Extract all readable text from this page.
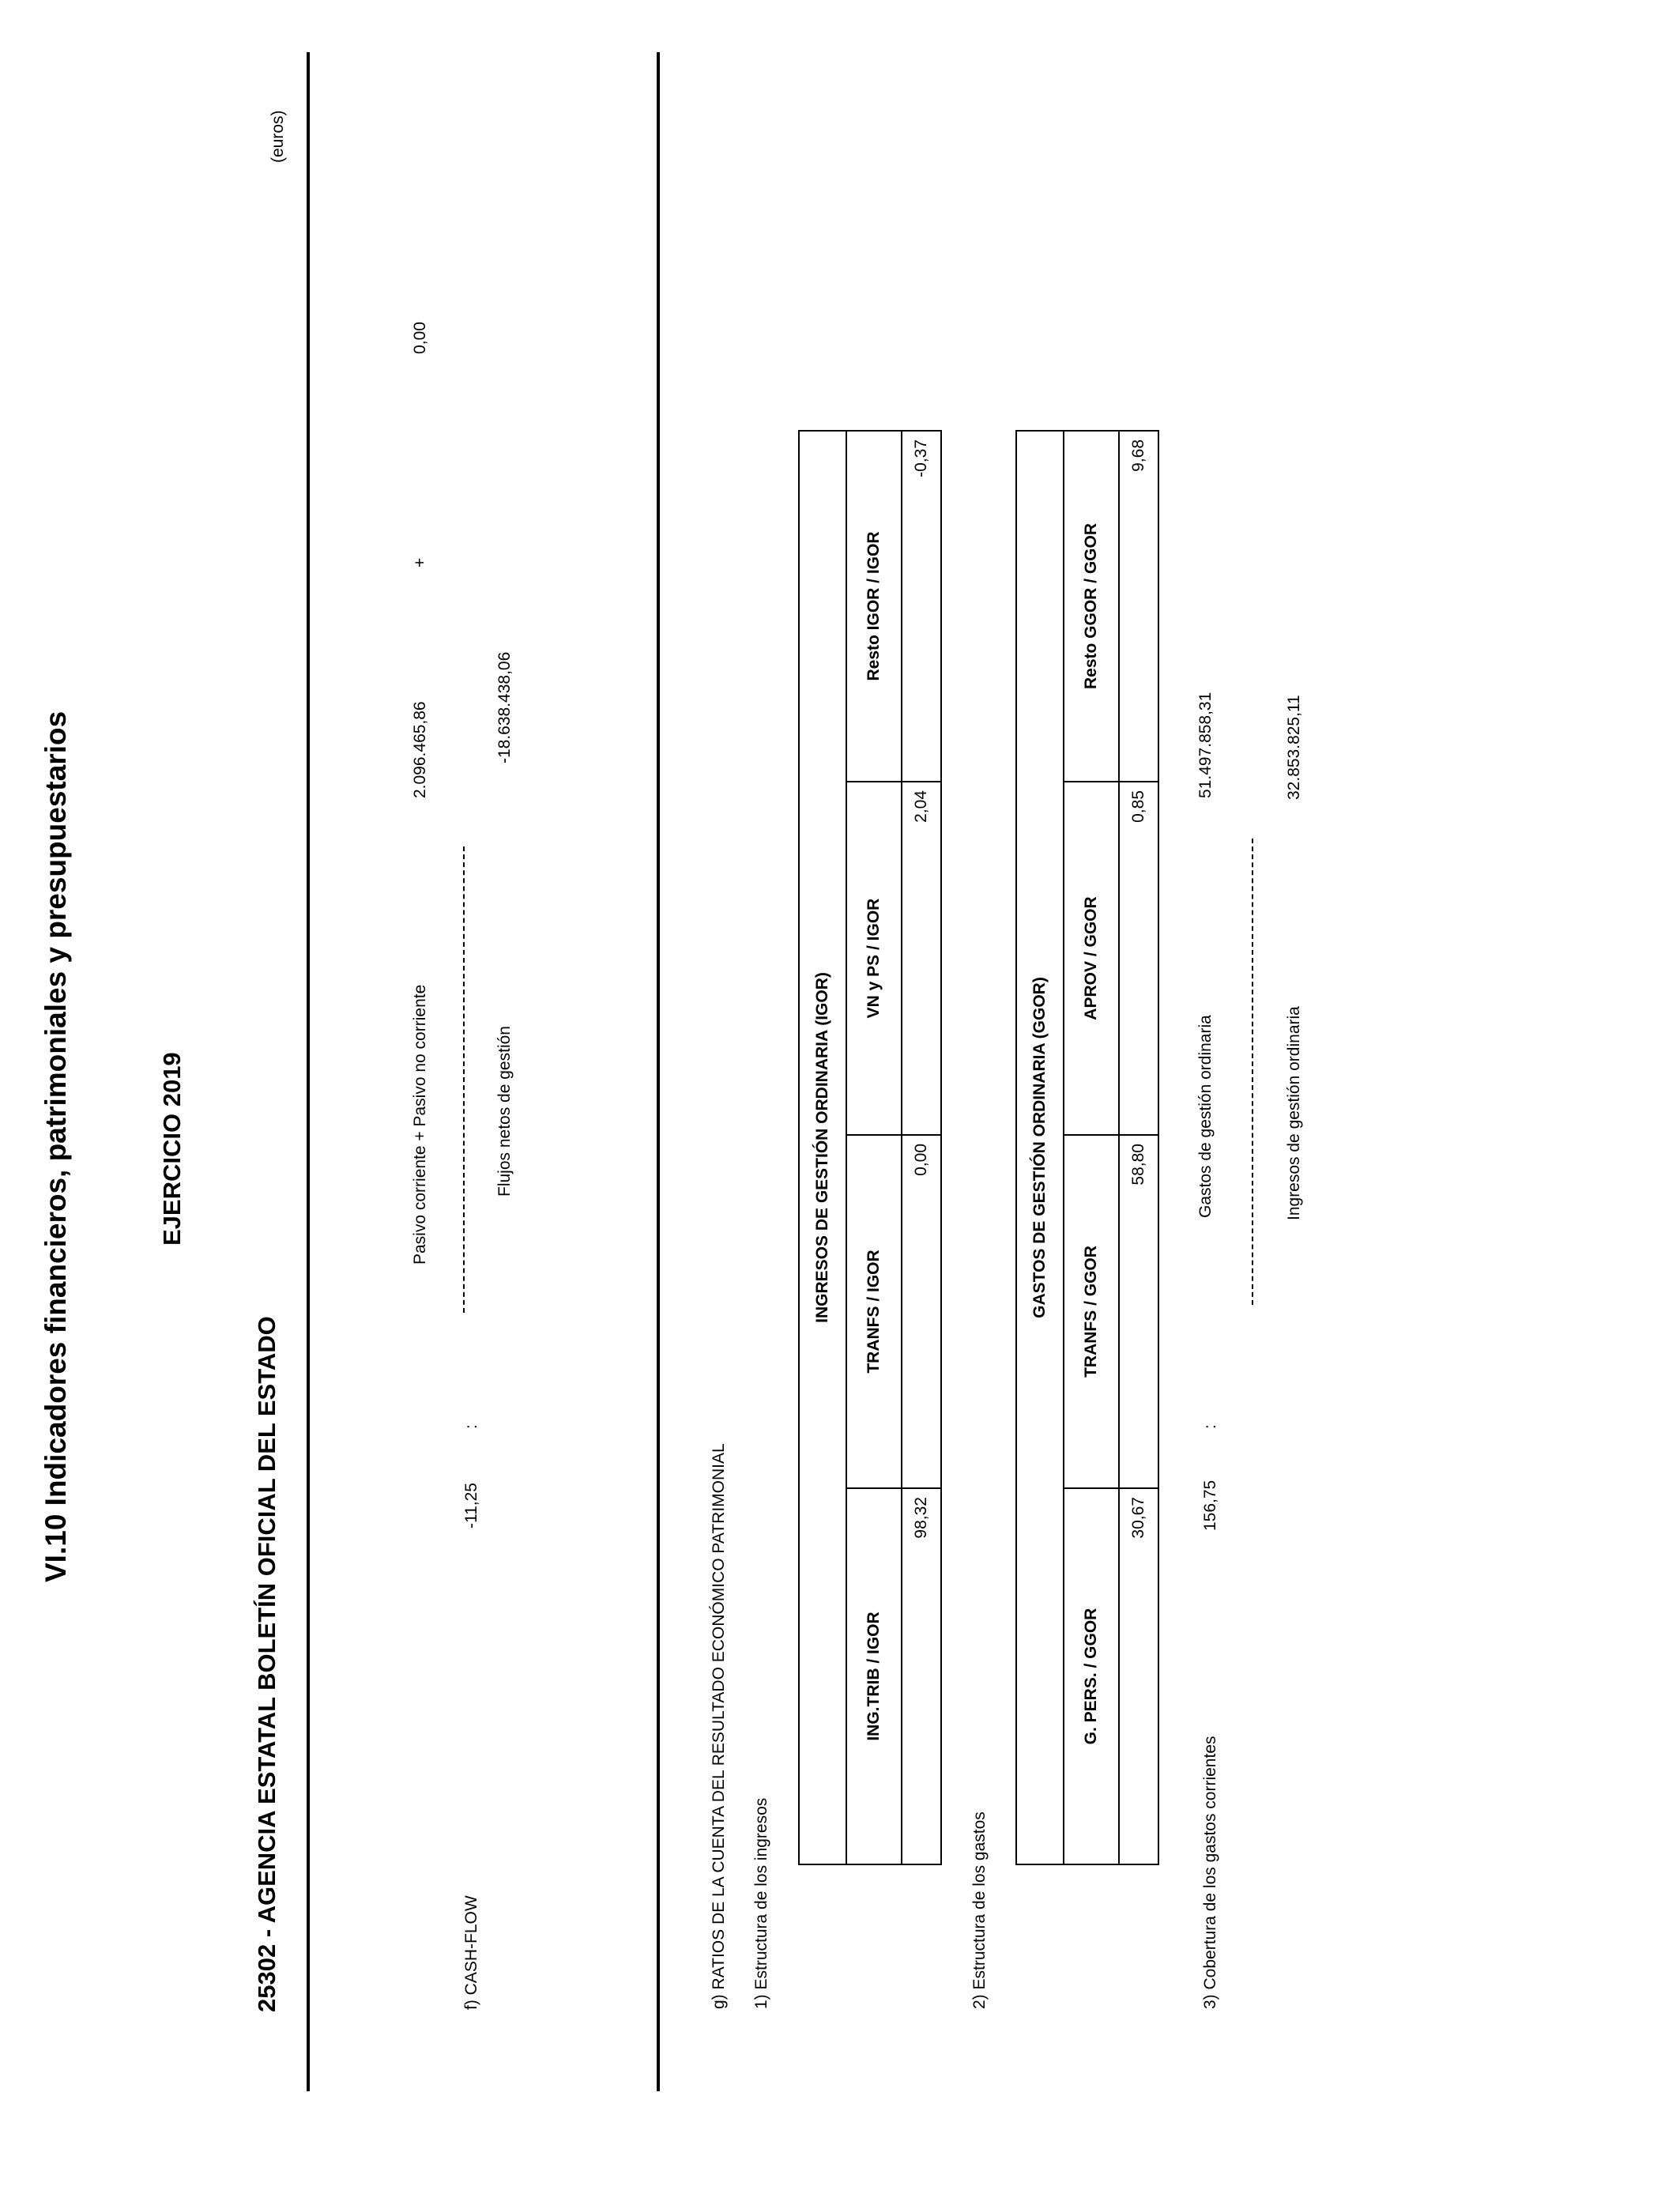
VI.10 Indicadores financieros, patrimoniales y presupuestarios	EJERCICIO 2019
25302 - AGENCIA ESTATAL BOLETÍN OFICIAL DEL ESTADO
(euros)
f) CASH-FLOW
-11,25
:
Pasivo corriente + Pasivo no corriente
2.096.465,86
+
0,00
Flujos netos de gestión
-18.638.438,06
g) RATIOS DE LA CUENTA DEL RESULTADO ECONÓMICO PATRIMONIAL 1) Estructura de los ingresos
INGRESOS DE GESTIÓN ORDINARIA (IGOR)			
ING.TRIB / IGOR	TRANFS / IGOR	VN y PS / IGOR	Resto IGOR / IGOR
98,32	0,00	2,04	-0,37
2) Estructura de los gastos
GASTOS DE GESTIÓN ORDINARIA (GGOR)			
G. PERS. / GGOR	TRANFS / GGOR	APROV / GGOR	Resto GGOR / GGOR
30,67	58,80	0,85	9,68
3) Cobertura de los gastos corrientes
156,75
:
Gastos de gestión ordinaria
51.497.858,31
Ingresos de gestión ordinaria
32.853.825,11
